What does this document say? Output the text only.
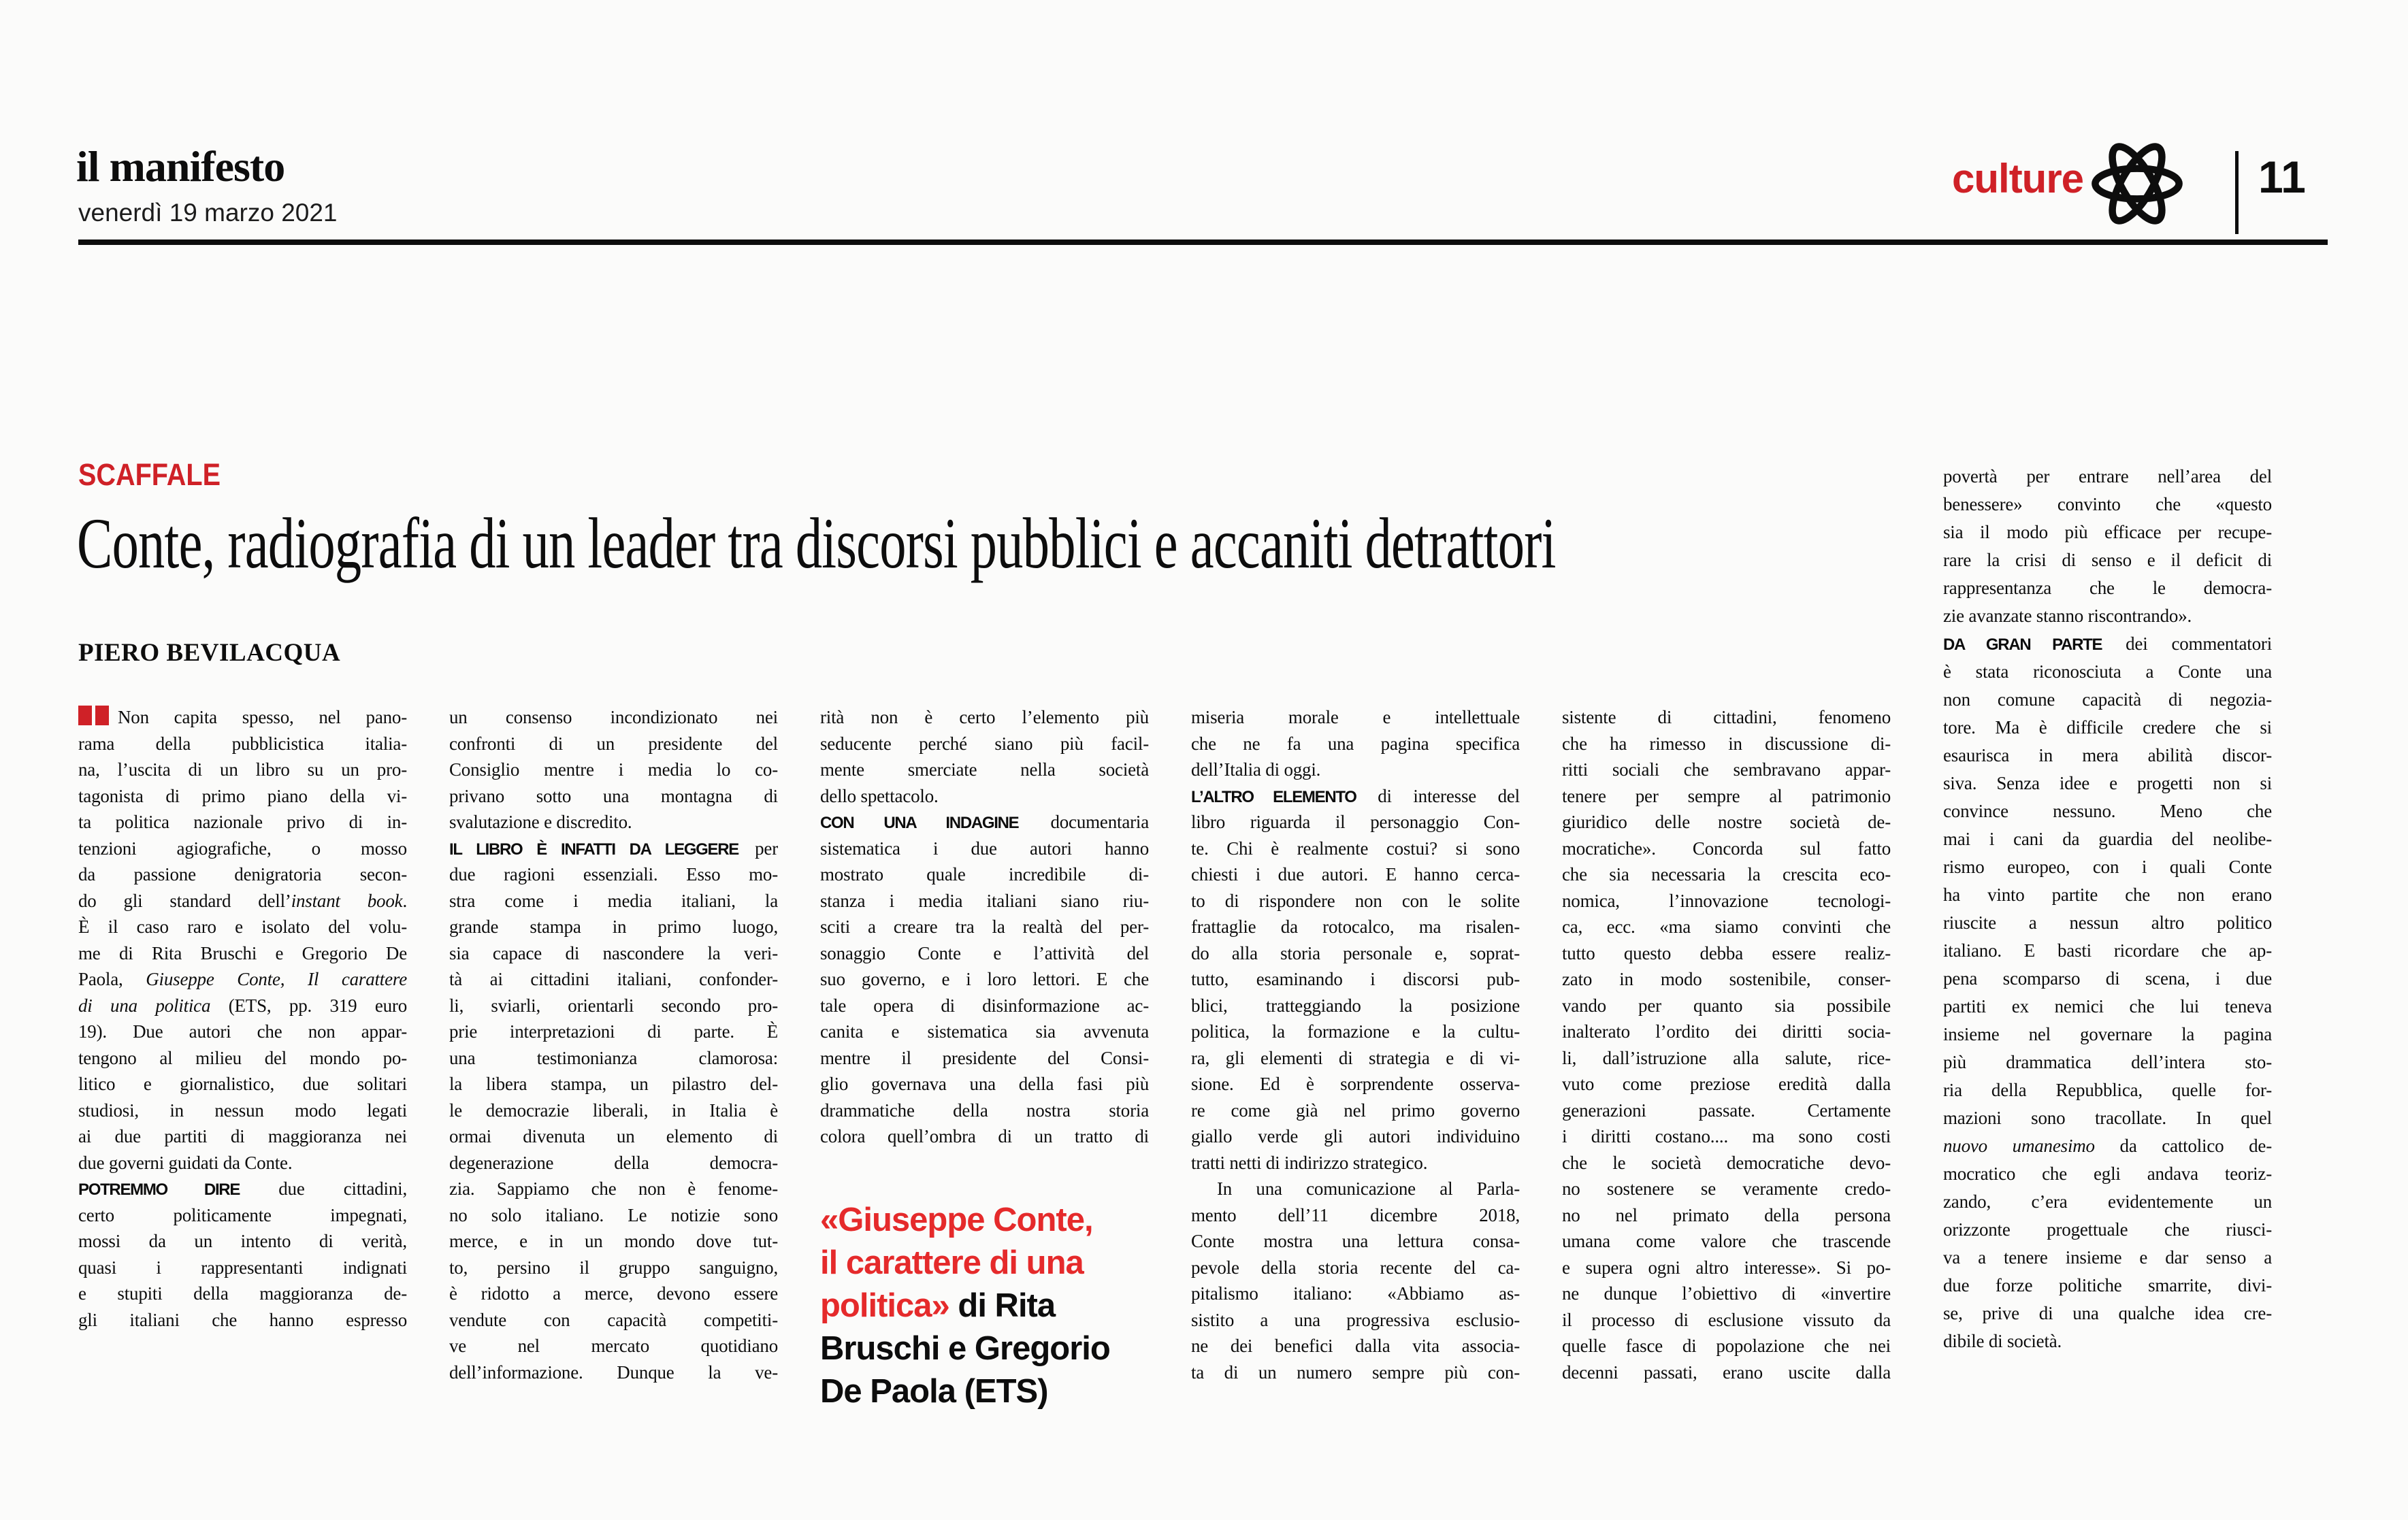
il manifesto
venerdì 19 marzo 2021
culture	11
SCAFFALE
Conte, radiografia di un leader tra discorsi pubblici e accaniti detrattori
PIERO BEVILACQUA
Non capita spesso, nel pano-
rama della pubblicistica italia-
na, l’uscita di un libro su un pro-
tagonista di primo piano della vi-
ta politica nazionale privo di in-
tenzioni agiografiche, o mosso
da passione denigratoria secon-
do gli standard dell’instant book.
È il caso raro e isolato del volu-
me di Rita Bruschi e Gregorio De
Paola, Giuseppe Conte, Il carattere
di una politica (ETS, pp. 319 euro
19). Due autori che non appar-
tengono al milieu del mondo po-
litico e giornalistico, due solitari
studiosi, in nessun modo legati
ai due partiti di maggioranza nei
due governi guidati da Conte.
POTREMMO DIRE due cittadini,
certo politicamente impegnati,
mossi da un intento di verità,
quasi i rappresentanti indignati
e stupiti della maggioranza de-
gli italiani che hanno espresso
un consenso incondizionato nei
confronti di un presidente del
Consiglio mentre i media lo co-
privano sotto una montagna di
svalutazione e discredito.
IL LIBRO È INFATTI DA LEGGERE per
due ragioni essenziali. Esso mo-
stra come i media italiani, la
grande stampa in primo luogo,
sia capace di nascondere la veri-
tà ai cittadini italiani, confonder-
li, sviarli, orientarli secondo pro-
prie interpretazioni di parte. È
una testimonianza clamorosa:
la libera stampa, un pilastro del-
le democrazie liberali, in Italia è
ormai divenuta un elemento di
degenerazione della democra-
zia. Sappiamo che non è fenome-
no solo italiano. Le notizie sono
merce, e in un mondo dove tut-
to, persino il gruppo sanguigno,
è ridotto a merce, devono essere
vendute con capacità competiti-
ve nel mercato quotidiano
dell’informazione. Dunque la ve-
rità non è certo l’elemento più
seducente perché siano più facil-
mente smerciate nella società
dello spettacolo.
CON UNA INDAGINE documentaria
sistematica i due autori hanno
mostrato quale incredibile di-
stanza i media italiani siano riu-
sciti a creare tra la realtà del per-
sonaggio Conte e l’attività del
suo governo, e i loro lettori. E che
tale opera di disinformazione ac-
canita e sistematica sia avvenuta
mentre il presidente del Consi-
glio governava una della fasi più
drammatiche della nostra storia
colora quell’ombra di un tratto di
miseria morale e intellettuale
che ne fa una pagina specifica
dell’Italia di oggi.
L’ALTRO ELEMENTO di interesse del
libro riguarda il personaggio Con-
te. Chi è realmente costui? si sono
chiesti i due autori. E hanno cerca-
to di rispondere non con le solite
frattaglie da rotocalco, ma risalen-
do alla storia personale e, soprat-
tutto, esaminando i discorsi pub-
blici, tratteggiando la posizione
politica, la formazione e la cultu-
ra, gli elementi di strategia e di vi-
sione. Ed è sorprendente osserva-
re come già nel primo governo
giallo verde gli autori individuino
tratti netti di indirizzo strategico.
In una comunicazione al Parla-
mento dell’11 dicembre 2018,
Conte mostra una lettura consa-
pevole della storia recente del ca-
pitalismo italiano: «Abbiamo as-
sistito a una progressiva esclusio-
ne dei benefici dalla vita associa-
ta di un numero sempre più con-
sistente di cittadini, fenomeno
che ha rimesso in discussione di-
ritti sociali che sembravano appar-
tenere per sempre al patrimonio
giuridico delle nostre società de-
mocratiche». Concorda sul fatto
che sia necessaria la crescita eco-
nomica, l’innovazione tecnologi-
ca, ecc. «ma siamo convinti che
tutto questo debba essere realiz-
zato in modo sostenibile, conser-
vando per quanto sia possibile
inalterato l’ordito dei diritti socia-
li, dall’istruzione alla salute, rice-
vuto come preziose eredità dalla
generazioni passate. Certamente
i diritti costano.... ma sono costi
che le società democratiche devo-
no sostenere se veramente credo-
no nel primato della persona
umana come valore che trascende
e supera ogni altro interesse». Si po-
ne dunque l’obiettivo di «invertire
il processo di esclusione vissuto da
quelle fasce di popolazione che nei
decenni passati, erano uscite dalla
povertà per entrare nell’area del
benessere» convinto che «questo
sia il modo più efficace per recupe-
rare la crisi di senso e il deficit di
rappresentanza che le democra-
zie avanzate stanno riscontrando».
DA GRAN PARTE dei commentatori
è stata riconosciuta a Conte una
non comune capacità di negozia-
tore. Ma è difficile credere che si
esaurisca in mera abilità discor-
siva. Senza idee e progetti non si
convince nessuno. Meno che
mai i cani da guardia del neolibe-
rismo europeo, con i quali Conte
ha vinto partite che non erano
riuscite a nessun altro politico
italiano. E basti ricordare che ap-
pena scomparso di scena, i due
partiti ex nemici che lui teneva
insieme nel governare la pagina
più drammatica dell’intera sto-
ria della Repubblica, quelle for-
mazioni sono tracollate. In quel
nuovo umanesimo da cattolico de-
mocratico che egli andava teoriz-
zando, c’era evidentemente un
orizzonte progettuale che riusci-
va a tenere insieme e dar senso a
due forze politiche smarrite, divi-
se, prive di una qualche idea cre-
dibile di società.
«Giuseppe Conte,
il carattere di una
politica» di Rita
Bruschi e Gregorio
De Paola (ETS)
